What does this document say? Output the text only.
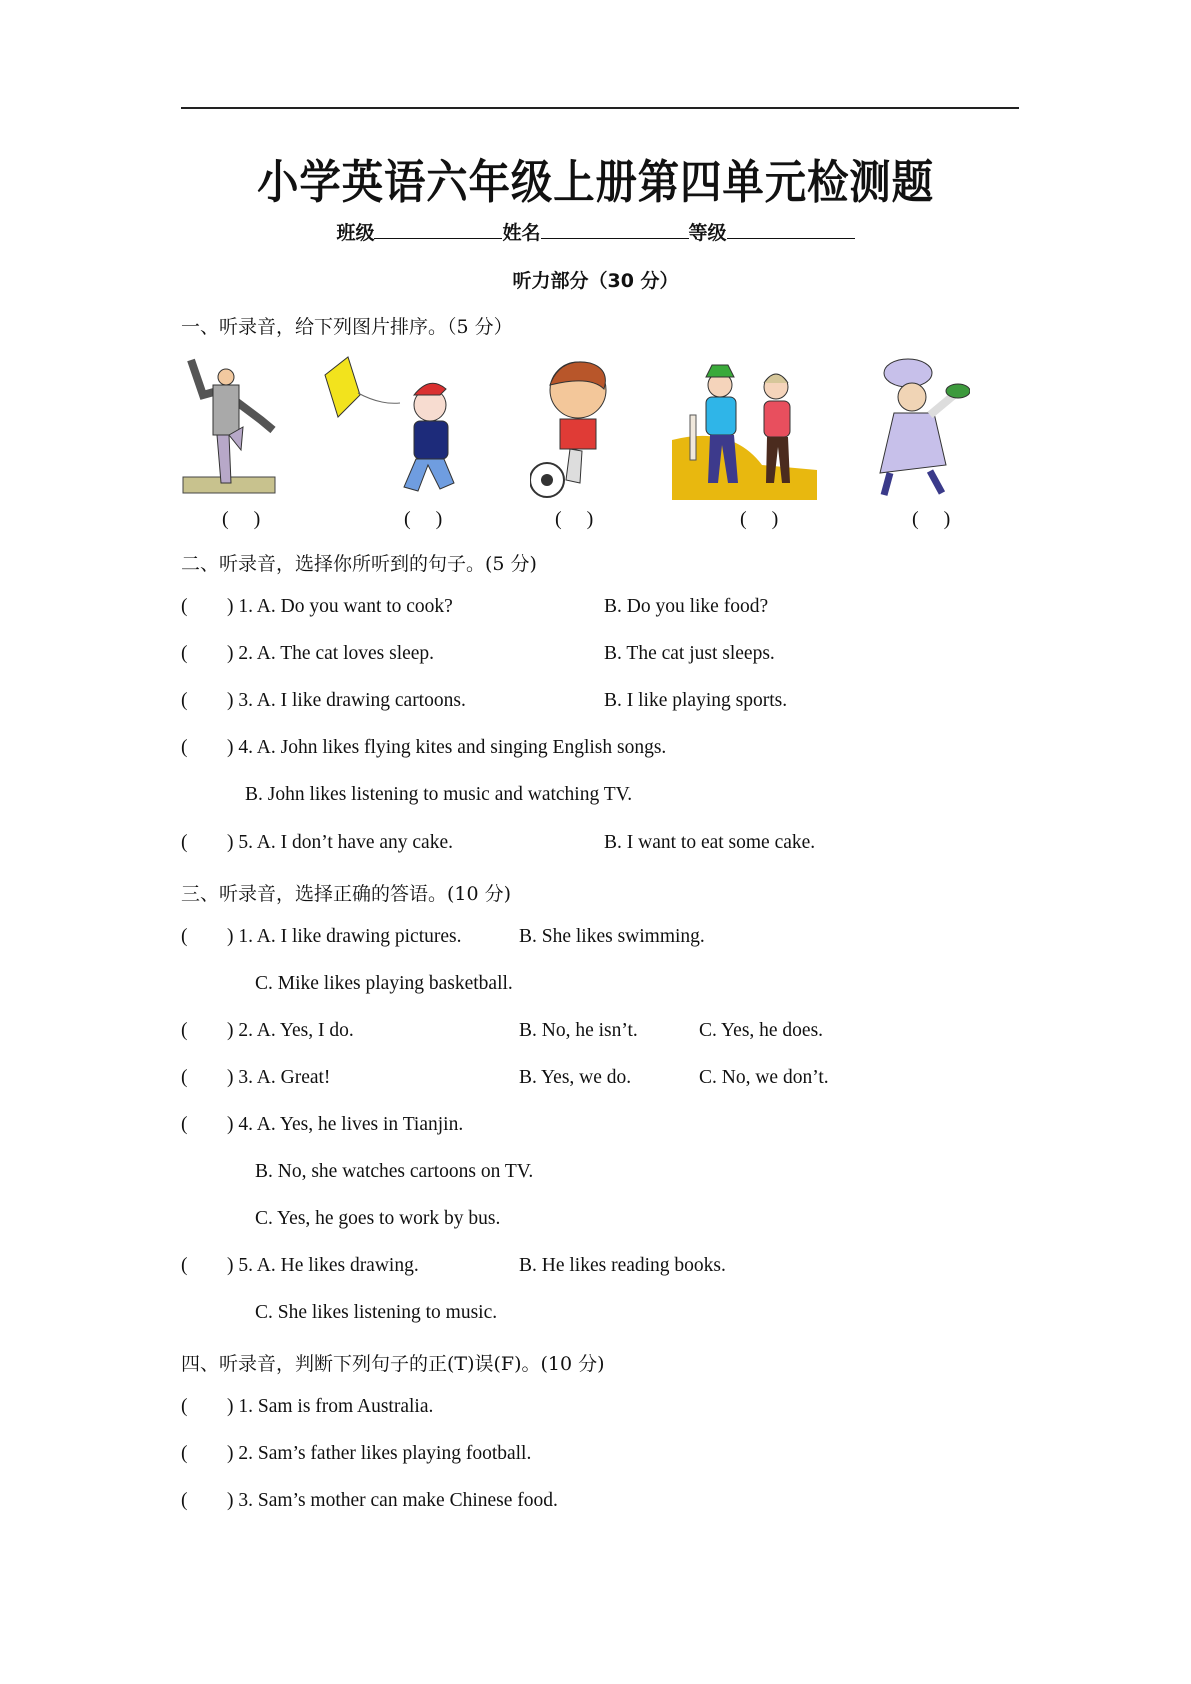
小学英语六年级上册第四单元检测题
班级	姓名	等级
听力部分（30 分）
一、听录音，给下列图片排序。（5 分）
(　 )	(　 )	(　 )	(　 )	(　 )
二、听录音，选择你所听到的句子。(5 分)
( ) 1. A. Do you want to cook?	B. Do you like food?
( ) 2. A. The cat loves sleep.	B. The cat just sleeps.
( ) 3. A. I like drawing cartoons.	B. I like playing sports.
( ) 4. A. John likes flying kites and singing English songs.
B. John likes listening to music and watching TV.
( ) 5. A. I don’t have any cake.	B. I want to eat some cake.
三、听录音，选择正确的答语。(10 分)
( ) 1. A. I like drawing pictures.	B. She likes swimming.
C. Mike likes playing basketball.
( ) 2. A. Yes, I do.	B. No, he isn’t.	C. Yes, he does.
( ) 3. A. Great!	B. Yes, we do.	C. No, we don’t.
( ) 4. A. Yes, he lives in Tianjin.
B. No, she watches cartoons on TV.
C. Yes, he goes to work by bus.
( ) 5. A. He likes drawing.	B. He likes reading books.
C. She likes listening to music.
四、听录音，判断下列句子的正(T)误(F)。(10 分)
( ) 1. Sam is from Australia.
( ) 2. Sam’s father likes playing football.
( ) 3. Sam’s mother can make Chinese food.
